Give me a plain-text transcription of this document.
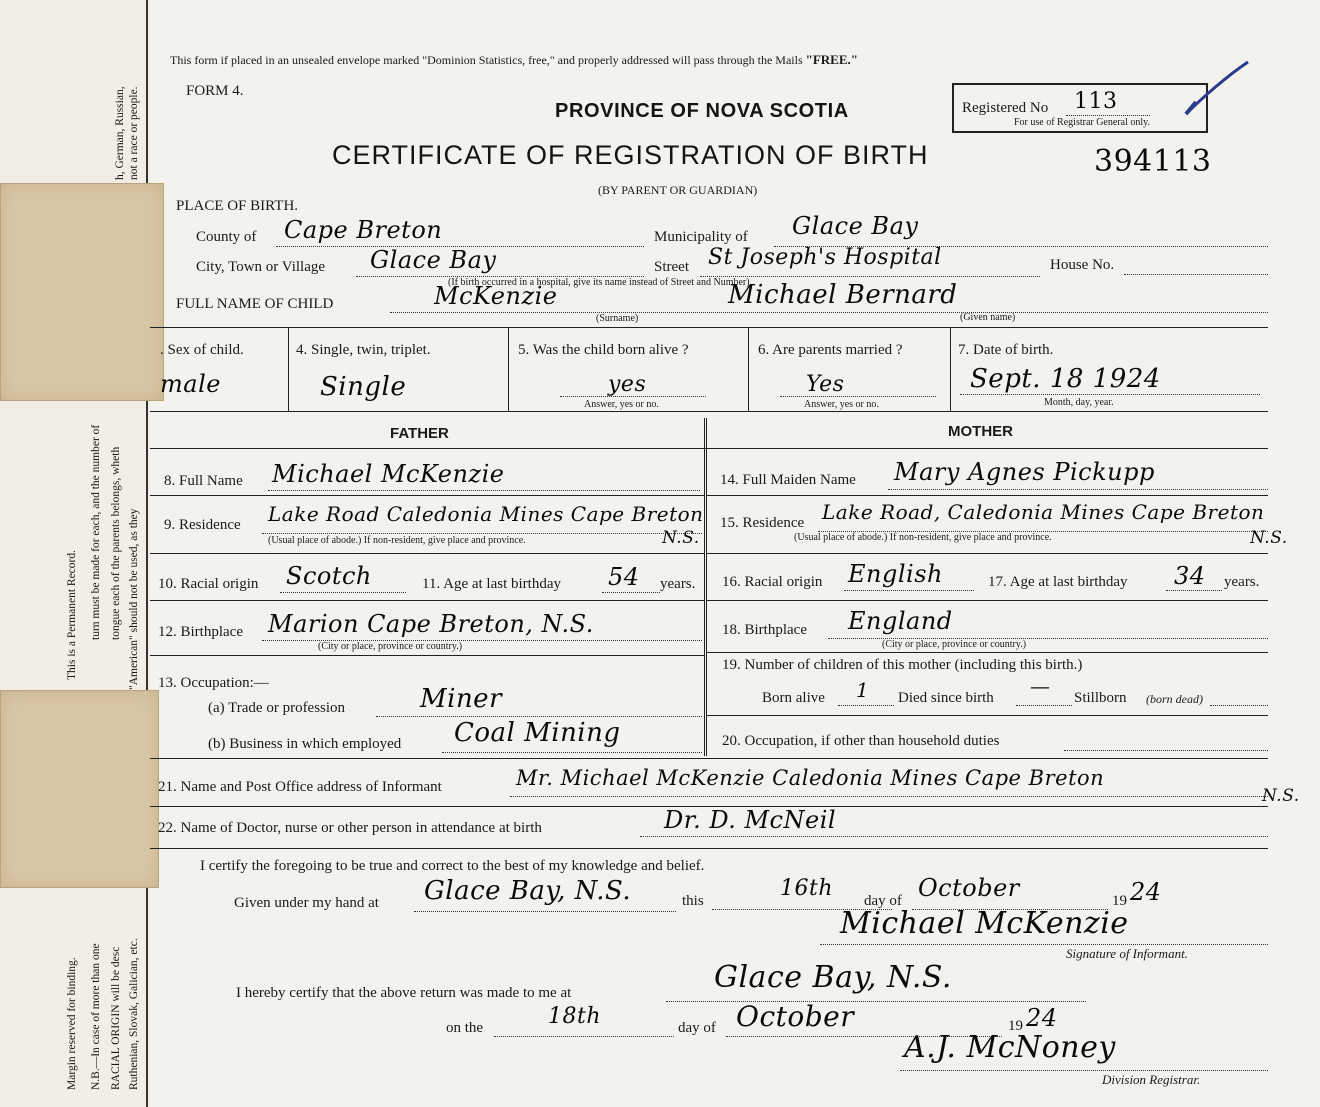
Margin reserved for binding.
This is a Permanent Record.
N.B.—In case of more than one
turn must be made for each, and the number of
RACIAL ORIGIN will be desc
tongue each of the parents belongs, wheth
Ruthenian, Slovak, Galician, etc.
"American" should not be used, as they
h, German, Russian, not a race or people.
This form if placed in an unsealed envelope marked "Dominion Statistics, free," and properly addressed will pass through the Mails "FREE."
FORM 4.
PROVINCE OF NOVA SCOTIA	Registered No 113
For use of Registrar General only.
CERTIFICATE OF REGISTRATION OF BIRTH	394113
(BY PARENT OR GUARDIAN)
PLACE OF BIRTH.
County of Cape Breton	Municipality of Glace Bay
City, Town or Village Glace Bay	Street St Joseph's Hospital	House No.
(If birth occurred in a hospital, give its name instead of Street and Number)
FULL NAME OF CHILD	McKenzie
(Surname)
Michael Bernard
(Given name)
. Sex of child.
male
4. Single, twin, triplet.
Single
5. Was the child born alive ?
yes
Answer, yes or no.
6. Are parents married ?
Yes
Answer, yes or no.
7. Date of birth.
Sept. 18 1924
Month, day, year.
FATHER	MOTHER
8. Full Name Michael McKenzie
9. Residence Lake Road Caledonia Mines Cape Breton
N.S.
(Usual place of abode.) If non-resident, give place and province.
10. Racial origin Scotch	11. Age at last birthday 54 years.
12. Birthplace Marion Cape Breton, N.S.
(City or place, province or country.)
13. Occupation:—
(a) Trade or profession	Miner
(b) Business in which employed Coal Mining
14. Full Maiden Name Mary Agnes Pickupp
15. Residence Lake Road, Caledonia Mines Cape Breton
N.S.
(Usual place of abode.) If non-resident, give place and province.
16. Racial origin English	17. Age at last birthday 34 years.
18. Birthplace England
(City or place, province or country.)
19. Number of children of this mother (including this birth.)
Born alive 1 Died since birth — Stillborn (born dead)
20. Occupation, if other than household duties
21. Name and Post Office address of Informant	Mr. Michael McKenzie Caledonia Mines Cape Breton
N.S.
22. Name of Doctor, nurse or other person in attendance at birth	Dr. D. McNeil
I certify the foregoing to be true and correct to the best of my knowledge and belief.
Given under my hand at Glace Bay, N.S.	this	16th day of October	19 24
Michael McKenzie
Signature of Informant.
I hereby certify that the above return was made to me at	Glace Bay, N.S.
on the	18th	day of October	19 24
A.J. McNoney
Division Registrar.
